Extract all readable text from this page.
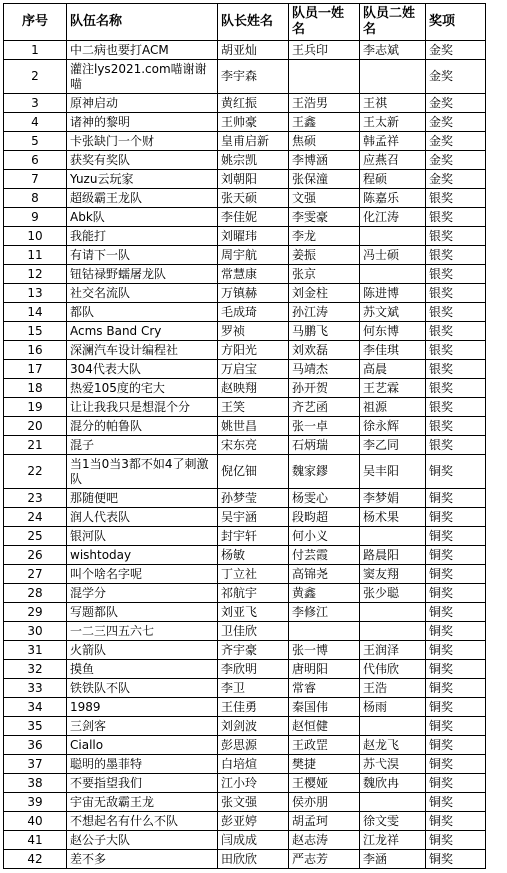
序号	队伍名称	队长姓名	队员一姓名	队员二姓名	奖项
1	中二病也要打ACM	胡亚灿	王兵印	李志斌	金奖
2	灌注lys2021.com喵谢谢喵	李宇森			金奖
3	原神启动	黄红振	王浩男	王祺	金奖
4	诸神的黎明	王帅豪	王鑫	王太新	金奖
5	卡张缺门一个财	皇甫启新	焦硕	韩孟祥	金奖
6	获奖有奖队	姚宗凯	李博涵	应燕召	金奖
7	Yuzu云玩家	刘朝阳	张保潼	程硕	金奖
8	超级霸王龙队	张天硕	文强	陈嘉乐	银奖
9	Abk队	李佳妮	李雯豪	化江涛	银奖
10	我能打	刘曜玮	李龙		银奖
11	有请下一队	周宇航	姜振	冯士硕	银奖
12	钮钴禄野蠕屠龙队	常慧康	张京		银奖
13	社交名流队	万镇赫	刘金柱	陈进博	银奖
14	都队	毛成琦	孙江涛	苏文斌	银奖
15	Acms Band Cry	罗祯	马鹏飞	何东博	银奖
16	深澜汽车设计编程社	方阳光	刘欢磊	李佳琪	银奖
17	304代表大队	万启宝	马靖杰	高晨	银奖
18	热爱105度的宅大	赵映翔	孙开贺	王艺霖	银奖
19	让让我我只是想混个分	王笑	齐艺函	祖源	银奖
20	混分的帕鲁队	姚世昌	张一卓	徐永辉	银奖
21	混子	宋东亮	石炳瑞	李乙同	银奖
22	当1当0当3都不如4了刺激队	倪亿钿	魏家鏐	吴丰阳	铜奖
23	那随便吧	孙梦莹	杨雯心	李梦娟	铜奖
24	润人代表队	吴宇涵	段畇超	杨术果	铜奖
25	银河队	封宇轩	何小义		铜奖
26	wishtoday	杨敏	付芸霞	路晨阳	铜奖
27	叫个啥名字呢	丁立社	高锦尧	窦友翔	铜奖
28	混学分	祁航宇	黄鑫	张少聪	铜奖
29	写题都队	刘亚飞	李修江		铜奖
30	一二三四五六七	卫佳欣			铜奖
31	火箭队	齐宇豪	张一博	王润泽	铜奖
32	摸鱼	李欣明	唐明阳	代伟欣	铜奖
33	铁铁队不队	李卫	常睿	王浩	铜奖
34	1989	王佳勇	秦国伟	杨雨	铜奖
35	三剑客	刘剑波	赵恒健		铜奖
36	Ciallo	彭思源	王政罡	赵龙飞	铜奖
37	聪明的墨菲特	白培煊	樊捷	苏弋淏	铜奖
38	不要指望我们	江小玲	王樱娅	魏欣冉	铜奖
39	宇宙无敌霸王龙	张文强	侯亦朋		铜奖
40	不想起名有什么不队	彭亚婷	胡孟珂	徐文雯	铜奖
41	赵公子大队	闫成成	赵志涛	江龙祥	铜奖
42	差不多	田欣欣	严志芳	李涵	铜奖
